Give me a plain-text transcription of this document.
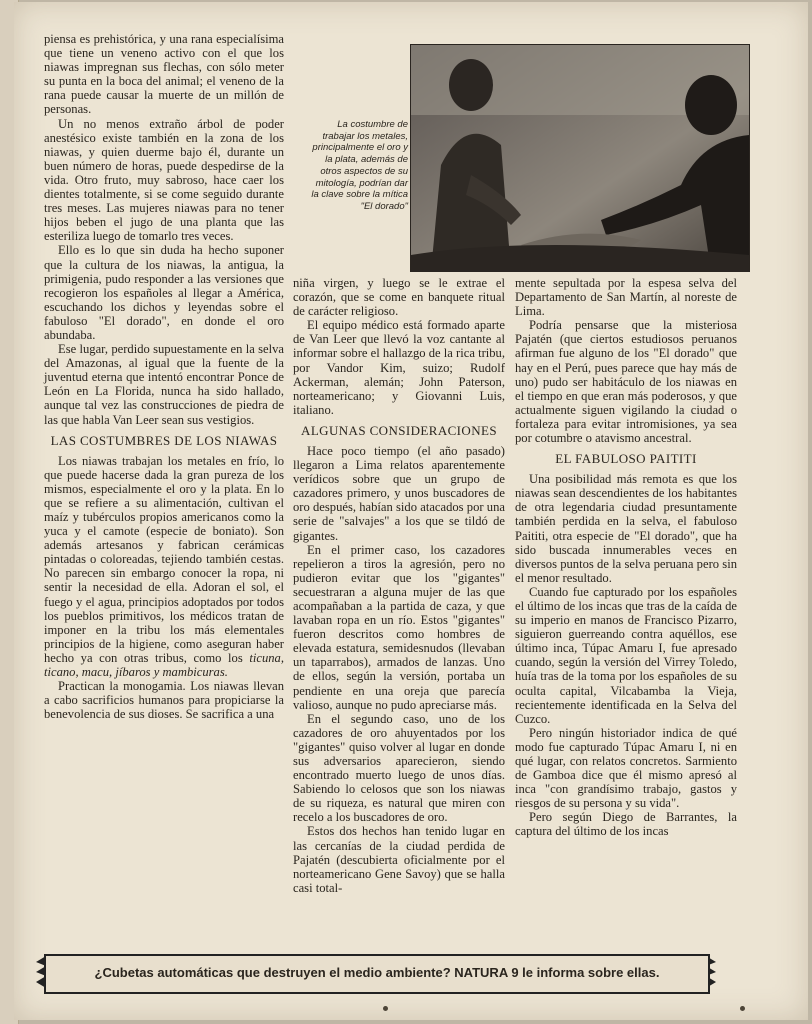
piensa es prehistórica, y una rana especialísima que tiene un veneno activo con el que los niawas impregnan sus flechas, con sólo meter su punta en la boca del animal; el veneno de la rana puede causar la muerte de un millón de personas.

Un no menos extraño árbol de poder anestésico existe también en la zona de los niawas, y quien duerme bajo él, durante un buen número de horas, puede despedirse de la vida. Otro fruto, muy sabroso, hace caer los dientes totalmente, si se come seguido durante tres meses. Las mujeres niawas para no tener hijos beben el jugo de una planta que las esteriliza luego de tomarlo tres veces.

Ello es lo que sin duda ha hecho suponer que la cultura de los niawas, la antigua, la primigenia, pudo responder a las versiones que recogieron los españoles al llegar a América, escuchando los dichos y leyendas sobre el fabuloso "El dorado", en donde el oro abundaba.

Ese lugar, perdido supuestamente en la selva del Amazonas, al igual que la fuente de la juventud eterna que intentó encontrar Ponce de León en La Florida, nunca ha sido hallado, aunque tal vez las construcciones de piedra de las que habla Van Leer sean sus vestigios.

LAS COSTUMBRES DE LOS NIAWAS

Los niawas trabajan los metales en frío, lo que puede hacerse dada la gran pureza de los mismos, especialmente el oro y la plata. En lo que se refiere a su alimentación, cultivan el maíz y tubérculos propios americanos como la yuca y el camote (especie de boniato). Son además artesanos y fabrican cerámicas pintadas o coloreadas, tejiendo también cestas. No parecen sin embargo conocer la ropa, ni sentir la necesidad de ella. Adoran el sol, el fuego y el agua, principios adoptados por todos los pueblos primitivos, los médicos tratan de imponer en la tribu los más elementales principios de la higiene, como aseguran haber hecho ya con otras tribus, como los ticuna, ticano, macu, jíbaros y mambicuras.

Practican la monogamia. Los niawas llevan a cabo sacrificios humanos para propiciarse la benevolencia de sus dioses. Se sacrifica a una

La costumbre de trabajar los metales, principalmente el oro y la plata, además de otros aspectos de su mitología, podrían dar la clave sobre la mítica "El dorado"

niña virgen, y luego se le extrae el corazón, que se come en banquete ritual de carácter religioso.

El equipo médico está formado aparte de Van Leer que llevó la voz cantante al informar sobre el hallazgo de la rica tribu, por Vandor Kim, suizo; Rudolf Ackerman, alemán; John Paterson, norteamericano; y Giovanni Luis, italiano.

ALGUNAS CONSIDERACIONES

Hace poco tiempo (el año pasado) llegaron a Lima relatos aparentemente verídicos sobre que un grupo de cazadores primero, y unos buscadores de oro después, habían sido atacados por una serie de "salvajes" a los que se tildó de gigantes.

En el primer caso, los cazadores repelieron a tiros la agresión, pero no pudieron evitar que los "gigantes" secuestraran a alguna mujer de las que acompañaban a la partida de caza, y que lavaban ropa en un río. Estos "gigantes" fueron descritos como hombres de elevada estatura, semidesnudos (llevaban un taparrabos), armados de lanzas. Uno de ellos, según la versión, portaba un pendiente en una oreja que parecía valioso, aunque no pudo apreciarse más.

En el segundo caso, uno de los cazadores de oro ahuyentados por los "gigantes" quiso volver al lugar en donde sus adversarios aparecieron, siendo encontrado muerto luego de unos días. Sabiendo lo celosos que son los niawas de su riqueza, es natural que miren con recelo a los buscadores de oro.

Estos dos hechos han tenido lugar en las cercanías de la ciudad perdida de Pajatén (descubierta oficialmente por el norteamericano Gene Savoy) que se halla casi total-

mente sepultada por la espesa selva del Departamento de San Martín, al noreste de Lima.

Podría pensarse que la misteriosa Pajatén (que ciertos estudiosos peruanos afirman fue alguno de los "El dorado" que hay en el Perú, pues parece que hay más de uno) pudo ser habitáculo de los niawas en el tiempo en que eran más poderosos, y que actualmente siguen vigilando la ciudad o fortaleza para evitar intromisiones, ya sea por cotumbre o atavismo ancestral.

EL FABULOSO PAITITI

Una posibilidad más remota es que los niawas sean descendientes de los habitantes de otra legendaria ciudad presuntamente también perdida en la selva, el fabuloso Paititi, otra especie de "El dorado", que ha sido buscada innumerables veces en diversos puntos de la selva peruana pero sin el menor resultado.

Cuando fue capturado por los españoles el último de los incas que tras de la caída de su imperio en manos de Francisco Pizarro, siguieron guerreando contra aquéllos, ese último inca, Túpac Amaru I, fue apresado cuando, según la versión del Virrey Toledo, huía tras de la toma por los españoles de su oculta capital, Vilcabamba la Vieja, recientemente identificada en la Selva del Cuzco.

Pero ningún historiador indica de qué modo fue capturado Túpac Amaru I, ni en qué lugar, con relatos concretos. Sarmiento de Gamboa dice que él mismo apresó al inca "con grandísimo trabajo, gastos y riesgos de su persona y su vida".

Pero según Diego de Barrantes, la captura del último de los incas

¿Cubetas automáticas que destruyen el medio ambiente? NATURA 9 le informa sobre ellas.
